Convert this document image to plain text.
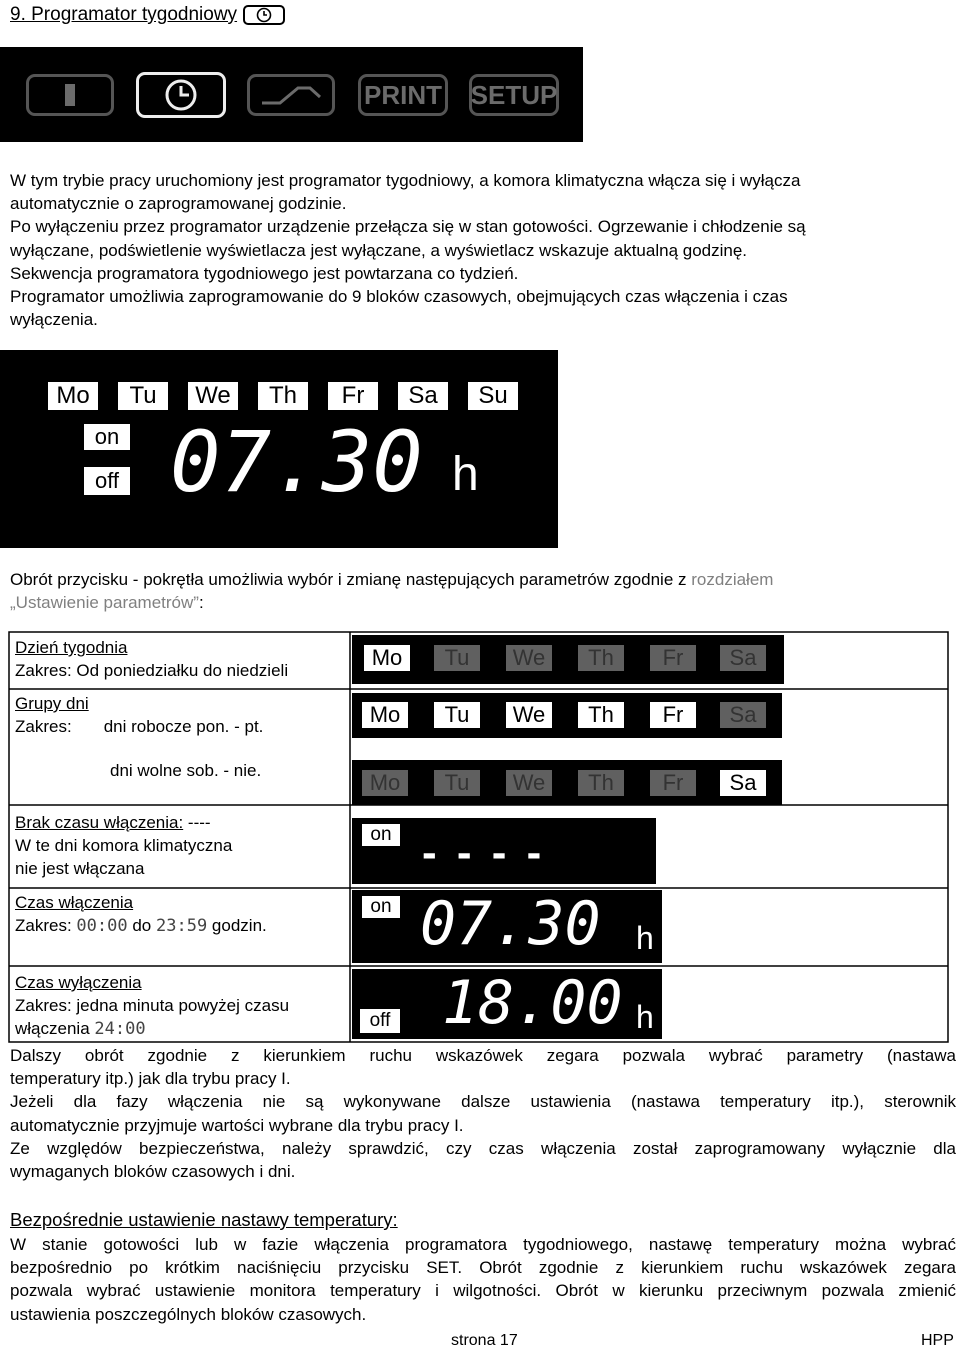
9. Programator tygodniowy
PRINT SETUP

W tym trybie pracy uruchomiony jest programator tygodniowy, a komora klimatyczna włącza się i wyłącza

automatycznie o zaprogramowanej godzinie.

Po wyłączeniu przez programator urządzenie przełącza się w stan gotowości. Ogrzewanie i chłodzenie są

wyłączane, podświetlenie wyświetlacza jest wyłączane, a wyświetlacz wskazuje aktualną godzinę.

Sekwencja programatora tygodniowego jest powtarzana co tydzień.

Programator umożliwia zaprogramowanie do 9 bloków czasowych, obejmujących czas włączenia i czas

wyłączenia.

Mo	Tu	We	Th	Fr	Sa	Su
on
off 07.30 h

Obrót przycisku - pokrętła umożliwia wybór i zmianę następujących parametrów zgodnie z rozdziałem

„Ustawienie parametrów”:

Dzień tygodnia
Zakres: Od poniedziałku do niedzieli
Mo	Tu	We	Th	Fr	Sa
Grupy dni
Zakres: dni robocze pon. - pt.
dni wolne sob. - nie.
Mo	Tu	We	Th	Fr	Sa
Mo	Tu	We	Th	Fr	Sa
Brak czasu włączenia: ----
W te dni komora klimatyczna
nie jest włączana
on - - - -
Czas włączenia
Zakres: 00:00 do 23:59 godzin.
on 07.30 h
Czas wyłączenia
Zakres: jedna minuta powyżej czasu
włączenia 24:00	off 18.00 h

Dalszy obrót zgodnie z kierunkiem ruchu wskazówek zegara pozwala wybrać parametry (nastawa

temperatury itp.) jak dla trybu pracy I.

Jeżeli dla fazy włączenia nie są wykonywane dalsze ustawienia (nastawa temperatury itp.), sterownik

automatycznie przyjmuje wartości wybrane dla trybu pracy I.

Ze względów bezpieczeństwa, należy sprawdzić, czy czas włączenia został zaprogramowany wyłącznie dla

wymaganych bloków czasowych i dni.

Bezpośrednie ustawienie nastawy temperatury:

W stanie gotowości lub w fazie włączenia programatora tygodniowego, nastawę temperatury można wybrać

bezpośrednio po krótkim naciśnięciu przycisku SET. Obrót zgodnie z kierunkiem ruchu wskazówek zegara

pozwala wybrać ustawienie monitora temperatury i wilgotności. Obrót w kierunku przeciwnym pozwala zmienić

ustawienia poszczególnych bloków czasowych.

strona 17	HPP
